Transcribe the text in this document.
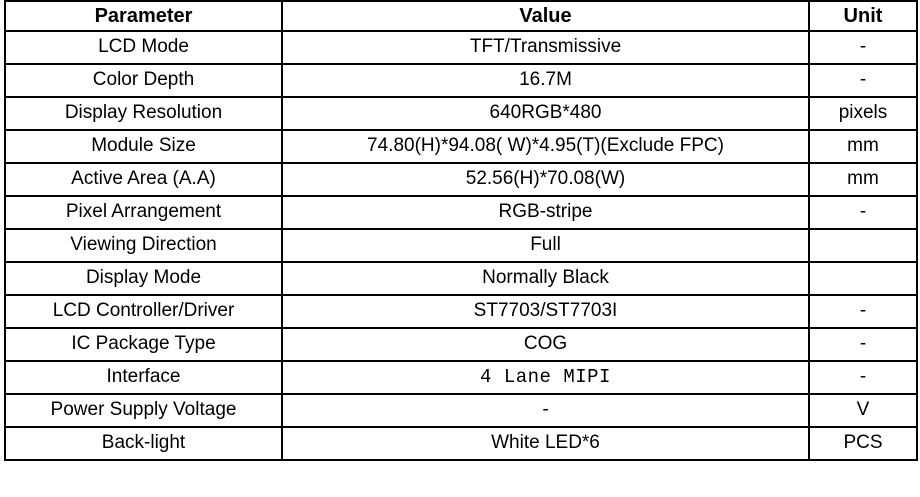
Parameter	Value	Unit
LCD Mode	TFT/Transmissive	-
Color Depth	16.7M	-
Display Resolution	640RGB*480	pixels
Module Size	74.80(H)*94.08( W)*4.95(T)(Exclude FPC)	mm
Active Area (A.A)	52.56(H)*70.08(W)	mm
Pixel Arrangement	RGB-stripe	-
Viewing Direction	Full	
Display Mode	Normally Black	
LCD Controller/Driver	ST7703/ST7703I	-
IC Package Type	COG	-
Interface	4 Lane MIPI	-
Power Supply Voltage	-	V
Back-light	White LED*6	PCS
